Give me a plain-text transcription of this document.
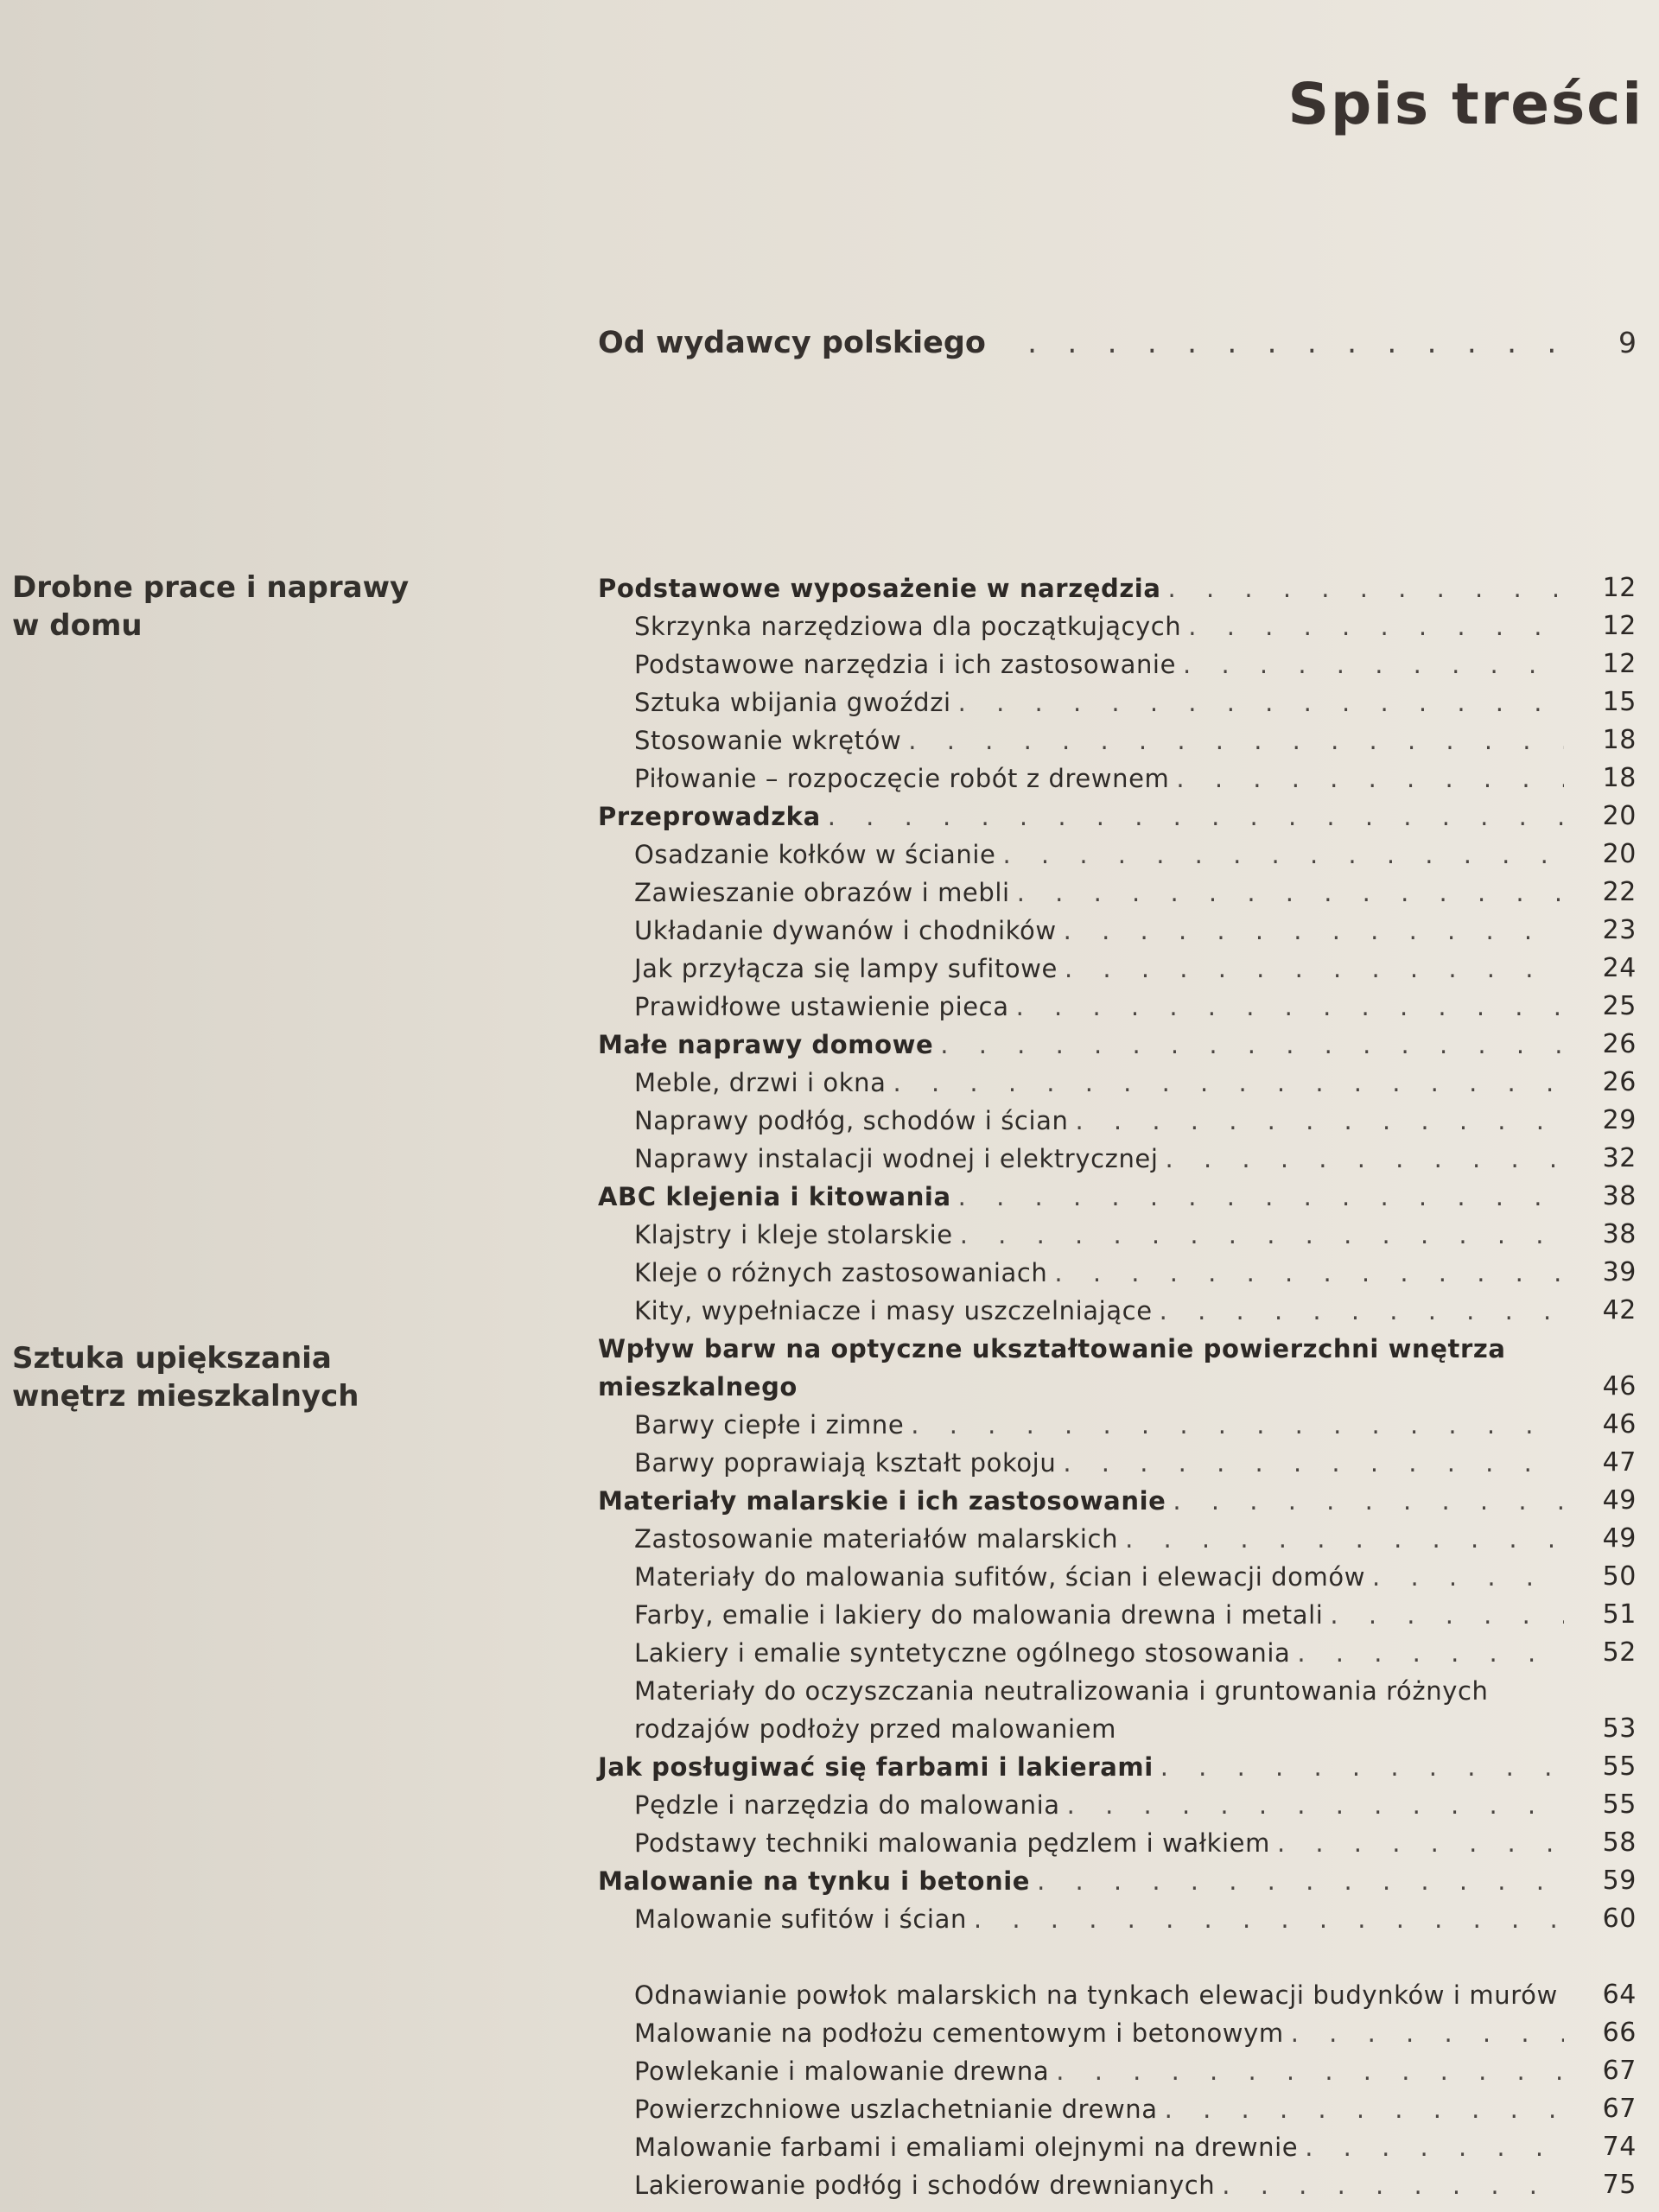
Spis treści
Drobne prace i naprawy
w domu
Sztuka upiększania
wnętrz mieszkalnych
Od wydawcy polskiego . . .	9
Podstawowe wyposażenie w narzędzia . . .	12
Skrzynka narzędziowa dla początkujących . . .	12
Podstawowe narzędzia i ich zastosowanie . . .	12
Sztuka wbijania gwoździ . . .	15
Stosowanie wkrętów . . .	18
Piłowanie – rozpoczęcie robót z drewnem . . .	18
Przeprowadzka . . .	20
Osadzanie kołków w ścianie . . .	20
Zawieszanie obrazów i mebli . . .	22
Układanie dywanów i chodników . . .	23
Jak przyłącza się lampy sufitowe . . .	24
Prawidłowe ustawienie pieca . . .	25
Małe naprawy domowe . . .	26
Meble, drzwi i okna . . .	26
Naprawy podłóg, schodów i ścian . . .	29
Naprawy instalacji wodnej i elektrycznej . . .	32
ABC klejenia i kitowania . . .	38
Klajstry i kleje stolarskie . . .	38
Kleje o różnych zastosowaniach . . .	39
Kity, wypełniacze i masy uszczelniające . . .	42
Wpływ barw na optyczne ukształtowanie powierzchni wnętrza mieszkalnego	46
Barwy ciepłe i zimne . . .	46
Barwy poprawiają kształt pokoju . . .	47
Materiały malarskie i ich zastosowanie . . .	49
Zastosowanie materiałów malarskich . . .	49
Materiały do malowania sufitów, ścian i elewacji domów . . .	50
Farby, emalie i lakiery do malowania drewna i metali . . .	51
Lakiery i emalie syntetyczne ogólnego stosowania . . .	52
Materiały do oczyszczania neutralizowania i gruntowania różnych rodzajów podłoży przed malowaniem	53
Jak posługiwać się farbami i lakierami . . .	55
Pędzle i narzędzia do malowania . . .	55
Podstawy techniki malowania pędzlem i wałkiem . . .	58
Malowanie na tynku i betonie . . .	59
Malowanie sufitów i ścian . . .	60
Odnawianie powłok malarskich na tynkach elewacji budynków i murów	64
Malowanie na podłożu cementowym i betonowym . . .	66
Powlekanie i malowanie drewna . . .	67
Powierzchniowe uszlachetnianie drewna . . .	67
Malowanie farbami i emaliami olejnymi na drewnie . . .	74
Lakierowanie podłóg i schodów drewnianych . . .	75
